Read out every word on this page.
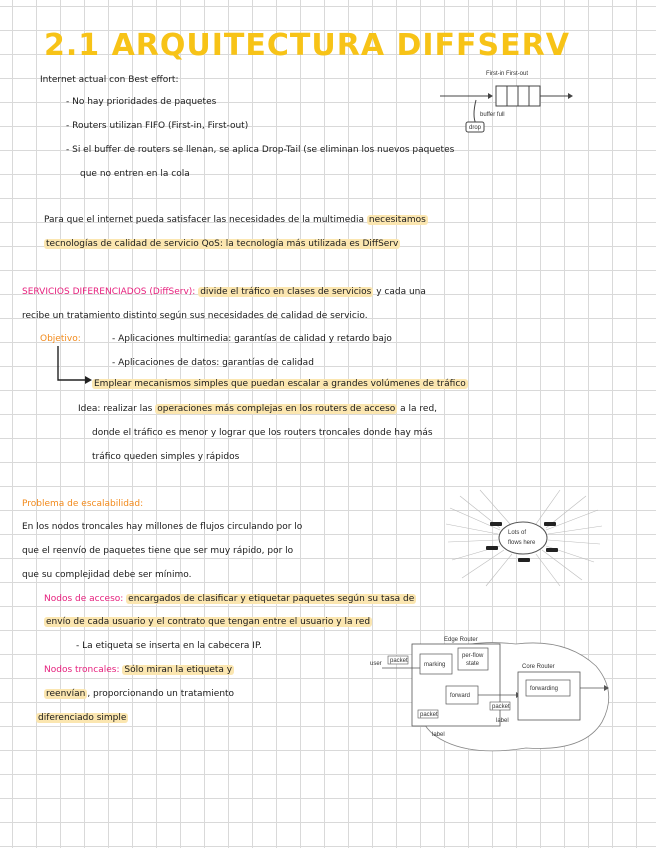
2.1 ARQUITECTURA DIFFSERV
Internet actual con Best effort:
- No hay prioridades de paquetes
- Routers utilizan FIFO (First-in, First-out)
- Si el buffer de routers se llenan, se aplica Drop-Tail (se eliminan los nuevos paquetes
que no entren en la cola
First-in First-out
buffer full
drop
Para que el internet pueda satisfacer las necesidades de la multimedia necesitamos
tecnologías de calidad de servicio QoS: la tecnología más utilizada es DiffServ
SERVICIOS DIFERENCIADOS (DiffServ): divide el tráfico en clases de servicios y cada una
recibe un tratamiento distinto según sus necesidades de calidad de servicio.
Objetivo:	- Aplicaciones multimedia: garantías de calidad y retardo bajo
- Aplicaciones de datos: garantías de calidad
Emplear mecanismos simples que puedan escalar a grandes volúmenes de tráfico
Idea: realizar las operaciones más complejas en los routers de acceso a la red,
donde el tráfico es menor y lograr que los routers troncales donde hay más
tráfico queden simples y rápidos
Problema de escalabilidad:
En los nodos troncales hay millones de flujos circulando por lo
que el reenvío de paquetes tiene que ser muy rápido, por lo
que su complejidad debe ser mínimo.
Lots of
flows here
Nodos de acceso: encargados de clasificar y etiquetar paquetes según su tasa de
envío de cada usuario y el contrato que tengan entre el usuario y la red
- La etiqueta se inserta en la cabecera IP.
Nodos troncales: Sólo miran la etiqueta y
reenvían , proporcionando un tratamiento
diferenciado simple
Edge Router
marking
per-flow
state
forward
user packet
packet
label
Core Router
forwarding
packet
label
